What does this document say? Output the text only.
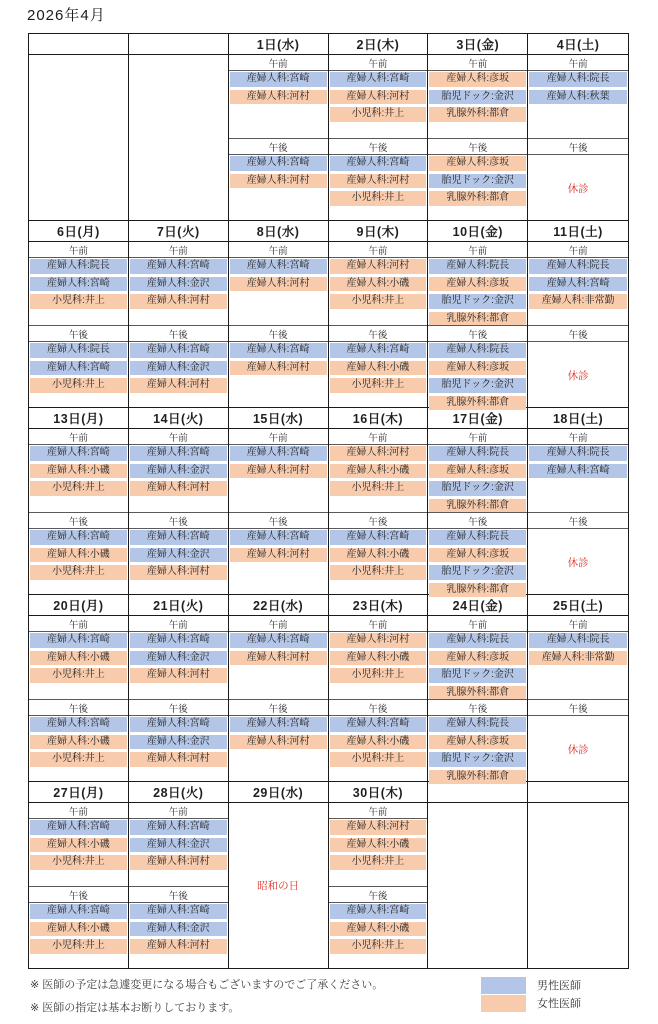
2026年4月
1日(水)
午前
産婦人科:宮崎
産婦人科:河村
午後
産婦人科:宮崎
産婦人科:河村
2日(木)
午前
産婦人科:宮崎
産婦人科:河村
小児科:井上
午後
産婦人科:宮崎
産婦人科:河村
小児科:井上
3日(金)
午前
産婦人科:彦坂
胎児ドック:金沢
乳腺外科:都倉
午後
産婦人科:彦坂
胎児ドック:金沢
乳腺外科:都倉
4日(土)
午前
産婦人科:院長
産婦人科:秋葉
午後
休診
6日(月)
午前
産婦人科:院長
産婦人科:宮崎
小児科:井上
午後
産婦人科:院長
産婦人科:宮崎
小児科:井上
7日(火)
午前
産婦人科:宮崎
産婦人科:金沢
産婦人科:河村
午後
産婦人科:宮崎
産婦人科:金沢
産婦人科:河村
8日(水)
午前
産婦人科:宮崎
産婦人科:河村
午後
産婦人科:宮崎
産婦人科:河村
9日(木)
午前
産婦人科:河村
産婦人科:小磯
小児科:井上
午後
産婦人科:宮崎
産婦人科:小磯
小児科:井上
10日(金)
午前
産婦人科:院長
産婦人科:彦坂
胎児ドック:金沢
乳腺外科:都倉
午後
産婦人科:院長
産婦人科:彦坂
胎児ドック:金沢
乳腺外科:都倉
11日(土)
午前
産婦人科:院長
産婦人科:宮崎
産婦人科:非常勤
午後
休診
13日(月)
午前
産婦人科:宮崎
産婦人科:小磯
小児科:井上
午後
産婦人科:宮崎
産婦人科:小磯
小児科:井上
14日(火)
午前
産婦人科:宮崎
産婦人科:金沢
産婦人科:河村
午後
産婦人科:宮崎
産婦人科:金沢
産婦人科:河村
15日(水)
午前
産婦人科:宮崎
産婦人科:河村
午後
産婦人科:宮崎
産婦人科:河村
16日(木)
午前
産婦人科:河村
産婦人科:小磯
小児科:井上
午後
産婦人科:宮崎
産婦人科:小磯
小児科:井上
17日(金)
午前
産婦人科:院長
産婦人科:彦坂
胎児ドック:金沢
乳腺外科:都倉
午後
産婦人科:院長
産婦人科:彦坂
胎児ドック:金沢
乳腺外科:都倉
18日(土)
午前
産婦人科:院長
産婦人科:宮崎
午後
休診
20日(月)
午前
産婦人科:宮崎
産婦人科:小磯
小児科:井上
午後
産婦人科:宮崎
産婦人科:小磯
小児科:井上
21日(火)
午前
産婦人科:宮崎
産婦人科:金沢
産婦人科:河村
午後
産婦人科:宮崎
産婦人科:金沢
産婦人科:河村
22日(水)
午前
産婦人科:宮崎
産婦人科:河村
午後
産婦人科:宮崎
産婦人科:河村
23日(木)
午前
産婦人科:河村
産婦人科:小磯
小児科:井上
午後
産婦人科:宮崎
産婦人科:小磯
小児科:井上
24日(金)
午前
産婦人科:院長
産婦人科:彦坂
胎児ドック:金沢
乳腺外科:都倉
午後
産婦人科:院長
産婦人科:彦坂
胎児ドック:金沢
乳腺外科:都倉
25日(土)
午前
産婦人科:院長
産婦人科:非常勤
午後
休診
27日(月)
午前
産婦人科:宮崎
産婦人科:小磯
小児科:井上
午後
産婦人科:宮崎
産婦人科:小磯
小児科:井上
28日(火)
午前
産婦人科:宮崎
産婦人科:金沢
産婦人科:河村
午後
産婦人科:宮崎
産婦人科:金沢
産婦人科:河村
29日(水)
昭和の日
30日(木)
午前
産婦人科:河村
産婦人科:小磯
小児科:井上
午後
産婦人科:宮崎
産婦人科:小磯
小児科:井上
※ 医師の予定は急遽変更になる場合もございますのでご了承ください。
※ 医師の指定は基本お断りしております。
男性医師
女性医師
